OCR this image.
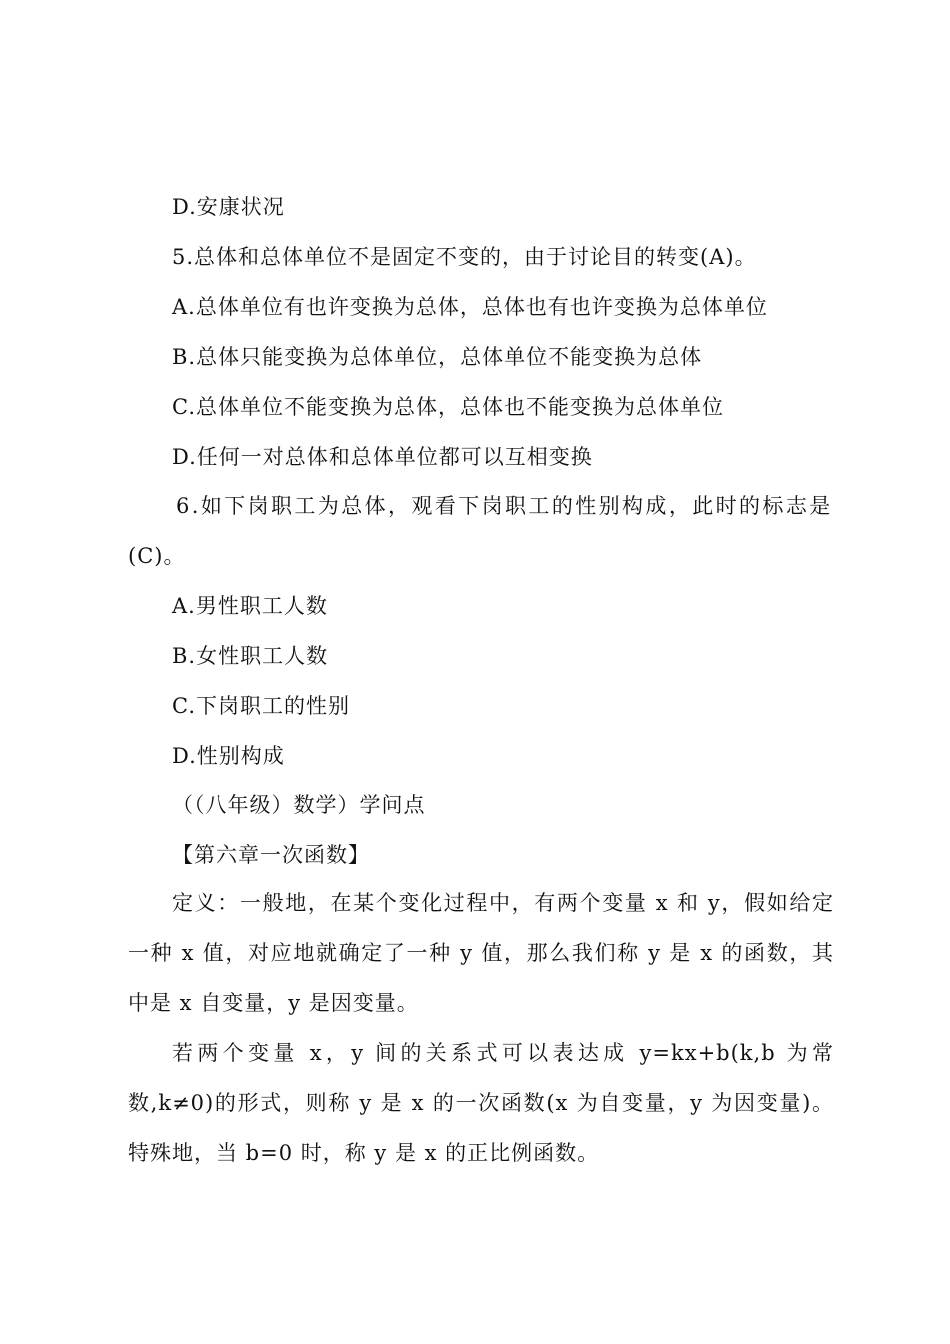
D.安康状况
5.总体和总体单位不是固定不变的，由于讨论目的转变(A)。
A.总体单位有也许变换为总体，总体也有也许变换为总体单位
B.总体只能变换为总体单位，总体单位不能变换为总体
C.总体单位不能变换为总体，总体也不能变换为总体单位
D.任何一对总体和总体单位都可以互相变换
6.如下岗职工为总体，观看下岗职工的性别构成，此时的标志是
(C)。
A.男性职工人数
B.女性职工人数
C.下岗职工的性别
D.性别构成
（（八年级）数学）学问点
【第六章一次函数】
定义：一般地，在某个变化过程中，有两个变量 x 和 y，假如给定一种 x 值，对应地就确定了一种 y 值，那么我们称 y 是 x 的函数，其中是 x 自变量，y 是因变量。
若两个变量 x，y 间的关系式可以表达成 y=kx+b(k,b 为常数,k≠0)的形式，则称 y 是 x 的一次函数(x 为自变量，y 为因变量)。特殊地，当 b=0 时，称 y 是 x 的正比例函数。
